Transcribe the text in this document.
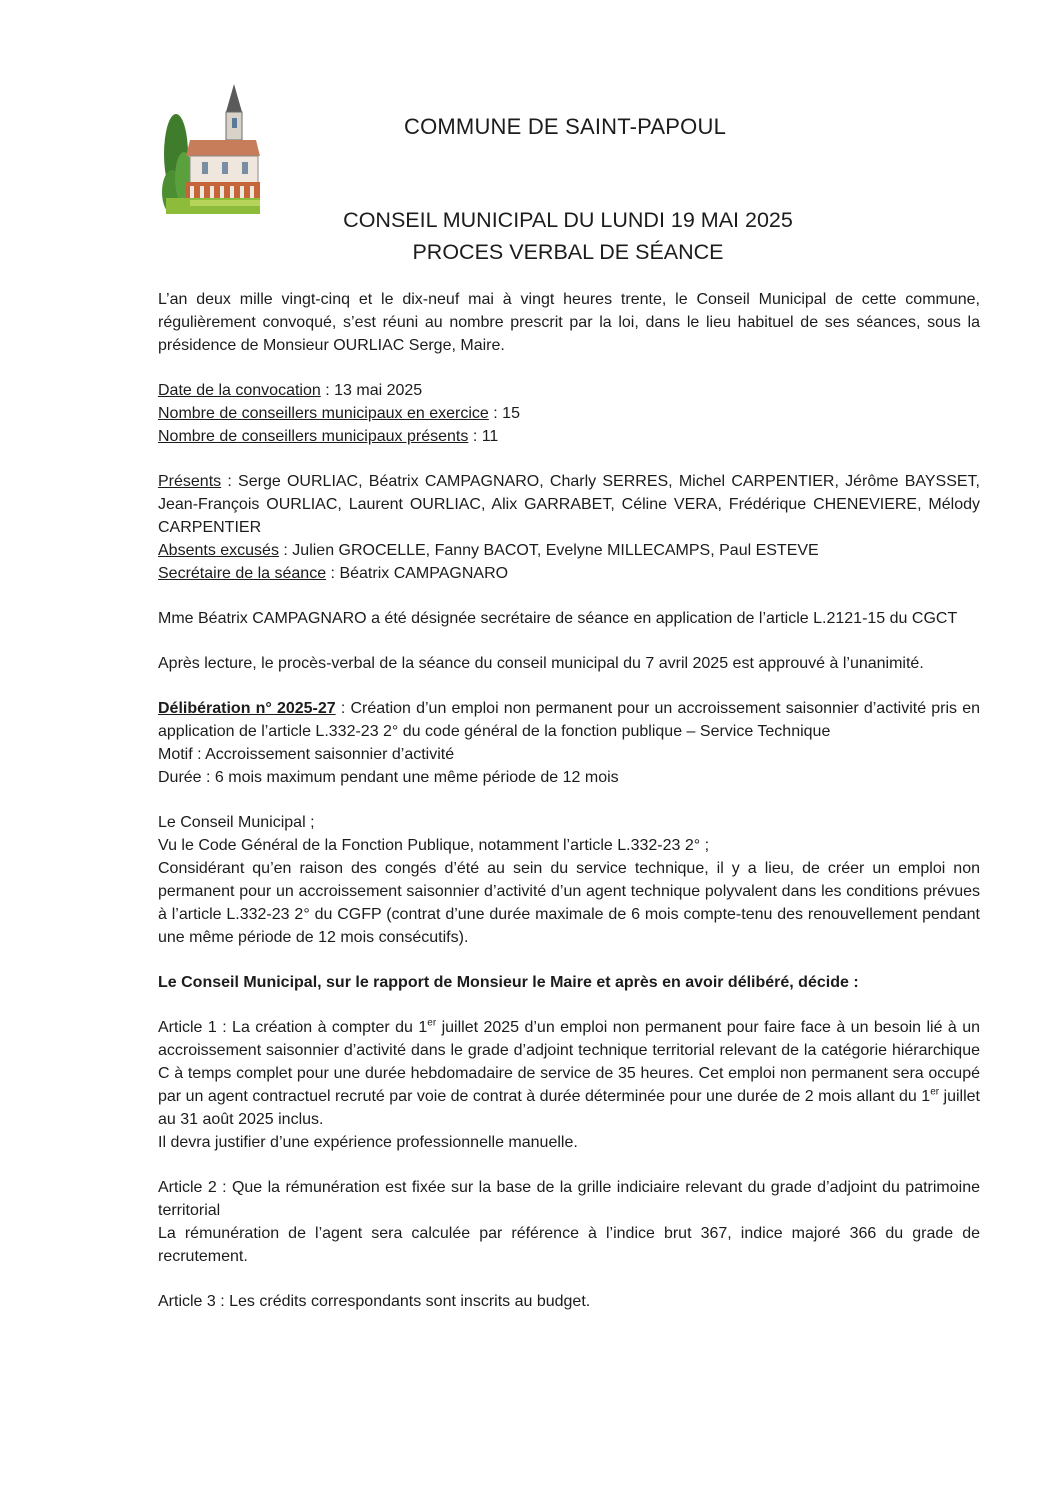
COMMUNE DE SAINT-PAPOUL
CONSEIL MUNICIPAL DU LUNDI 19 MAI 2025
PROCES VERBAL DE SÉANCE

L’an deux mille vingt-cinq et le dix-neuf mai à vingt heures trente, le Conseil Municipal de cette commune, régulièrement convoqué, s’est réuni au nombre prescrit par la loi, dans le lieu habituel de ses séances, sous la présidence de Monsieur OURLIAC Serge, Maire.

Date de la convocation : 13 mai 2025

Nombre de conseillers municipaux en exercice : 15

Nombre de conseillers municipaux présents : 11

Présents : Serge OURLIAC, Béatrix CAMPAGNARO, Charly SERRES, Michel CARPENTIER, Jérôme BAYSSET, Jean-François OURLIAC, Laurent OURLIAC, Alix GARRABET, Céline VERA, Frédérique CHENEVIERE, Mélody CARPENTIER

Absents excusés : Julien GROCELLE, Fanny BACOT, Evelyne MILLECAMPS, Paul ESTEVE

Secrétaire de la séance : Béatrix CAMPAGNARO

Mme Béatrix CAMPAGNARO a été désignée secrétaire de séance en application de l’article L.2121-15 du CGCT

Après lecture, le procès-verbal de la séance du conseil municipal du 7 avril 2025 est approuvé à l’unanimité.

Délibération n° 2025-27 : Création d’un emploi non permanent pour un accroissement saisonnier d’activité pris en application de l’article L.332-23 2° du code général de la fonction publique – Service Technique

Motif : Accroissement saisonnier d’activité

Durée : 6 mois maximum pendant une même période de 12 mois

Le Conseil Municipal ;

Vu le Code Général de la Fonction Publique, notamment l’article L.332-23 2° ;

Considérant qu’en raison des congés d’été au sein du service technique, il y a lieu, de créer un emploi non permanent pour un accroissement saisonnier d’activité d’un agent technique polyvalent dans les conditions prévues à l’article L.332-23 2° du CGFP (contrat d’une durée maximale de 6 mois compte-tenu des renouvellement pendant une même période de 12 mois consécutifs).

Le Conseil Municipal, sur le rapport de Monsieur le Maire et après en avoir délibéré, décide :

Article 1 : La création à compter du 1er juillet 2025 d’un emploi non permanent pour faire face à un besoin lié à un accroissement saisonnier d’activité dans le grade d’adjoint technique territorial relevant de la catégorie hiérarchique C à temps complet pour une durée hebdomadaire de service de 35 heures. Cet emploi non permanent sera occupé par un agent contractuel recruté par voie de contrat à durée déterminée pour une durée de 2 mois allant du 1er juillet au 31 août 2025 inclus.

Il devra justifier d’une expérience professionnelle manuelle.

Article 2 : Que la rémunération est fixée sur la base de la grille indiciaire relevant du grade d’adjoint du patrimoine territorial

La rémunération de l’agent sera calculée par référence à l’indice brut 367, indice majoré 366 du grade de recrutement.

Article 3 : Les crédits correspondants sont inscrits au budget.
